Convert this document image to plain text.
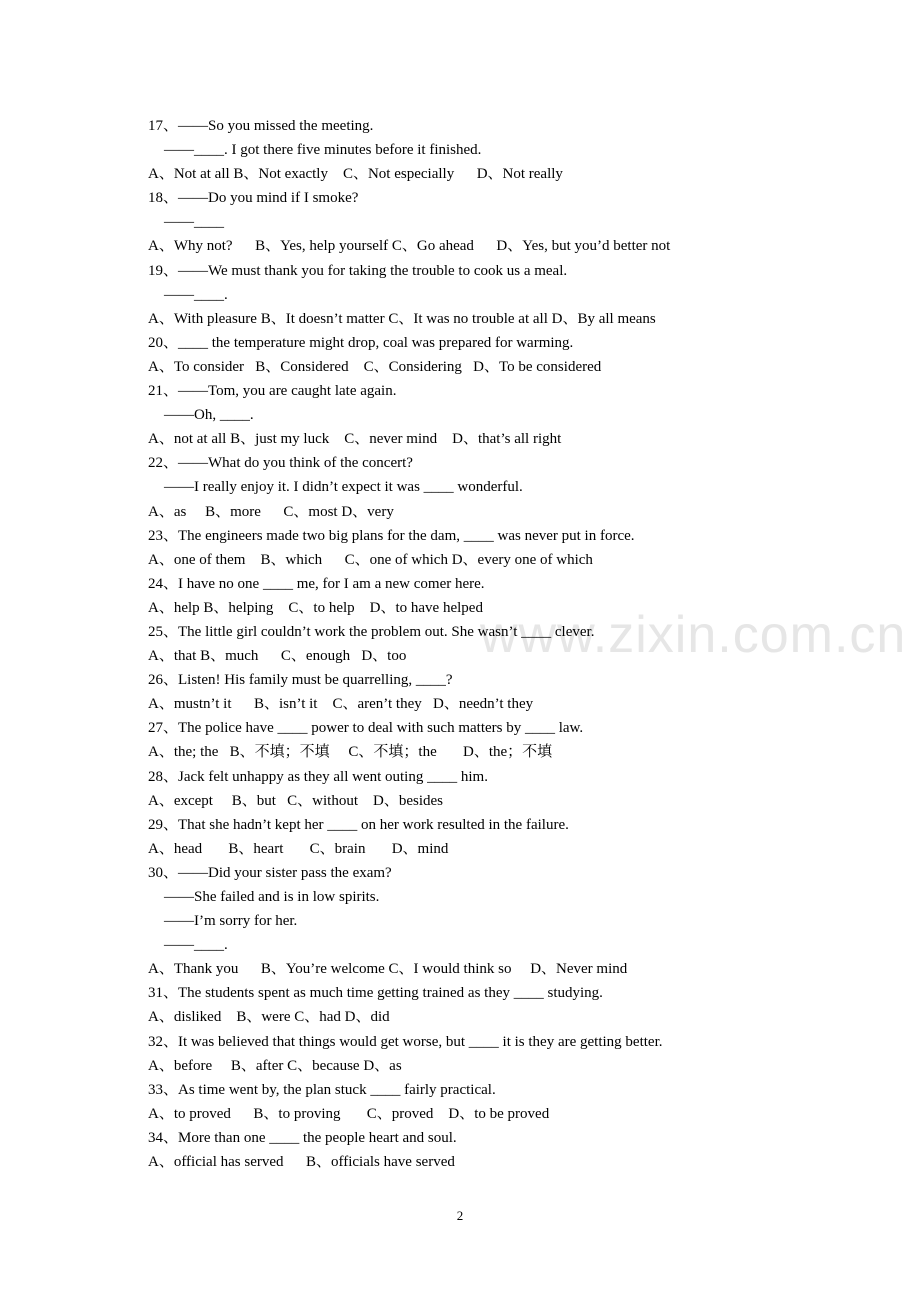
www.zixin.com.cn
17、——So you missed the meeting.
——____. I got there five minutes before it finished.
A、Not at all B、Not exactly    C、Not especially      D、Not really
18、——Do you mind if I smoke?
——____
A、Why not?      B、Yes, help yourself C、Go ahead      D、Yes, but you’d better not
19、——We must thank you for taking the trouble to cook us a meal.
——____.
A、With pleasure B、It doesn’t matter C、It was no trouble at all D、By all means
20、____ the temperature might drop, coal was prepared for warming.
A、To consider   B、Considered    C、Considering   D、To be considered
21、——Tom, you are caught late again.
——Oh, ____.
A、not at all B、just my luck    C、never mind    D、that’s all right
22、——What do you think of the concert?
——I really enjoy it. I didn’t expect it was ____ wonderful.
A、as     B、more      C、most D、very
23、The engineers made two big plans for the dam, ____ was never put in force.
A、one of them    B、which      C、one of which D、every one of which
24、I have no one ____ me, for I am a new comer here.
A、help B、helping    C、to help    D、to have helped
25、The little girl couldn’t work the problem out. She wasn’t ____ clever.
A、that B、much      C、enough   D、too
26、Listen! His family must be quarrelling, ____?
A、mustn’t it      B、isn’t it    C、aren’t they   D、needn’t they
27、The police have ____ power to deal with such matters by ____ law.
A、the; the   B、不填；不填     C、不填；the       D、the；不填
28、Jack felt unhappy as they all went outing ____ him.
A、except     B、but   C、without    D、besides
29、That she hadn’t kept her ____ on her work resulted in the failure.
A、head       B、heart       C、brain       D、mind
30、——Did your sister pass the exam?
——She failed and is in low spirits.
——I’m sorry for her.
——____.
A、Thank you      B、You’re welcome C、I would think so     D、Never mind
31、The students spent as much time getting trained as they ____ studying.
A、disliked    B、were C、had D、did
32、It was believed that things would get worse, but ____ it is they are getting better.
A、before     B、after C、because D、as
33、As time went by, the plan stuck ____ fairly practical.
A、to proved      B、to proving       C、proved    D、to be proved
34、More than one ____ the people heart and soul.
A、official has served      B、officials have served
2
